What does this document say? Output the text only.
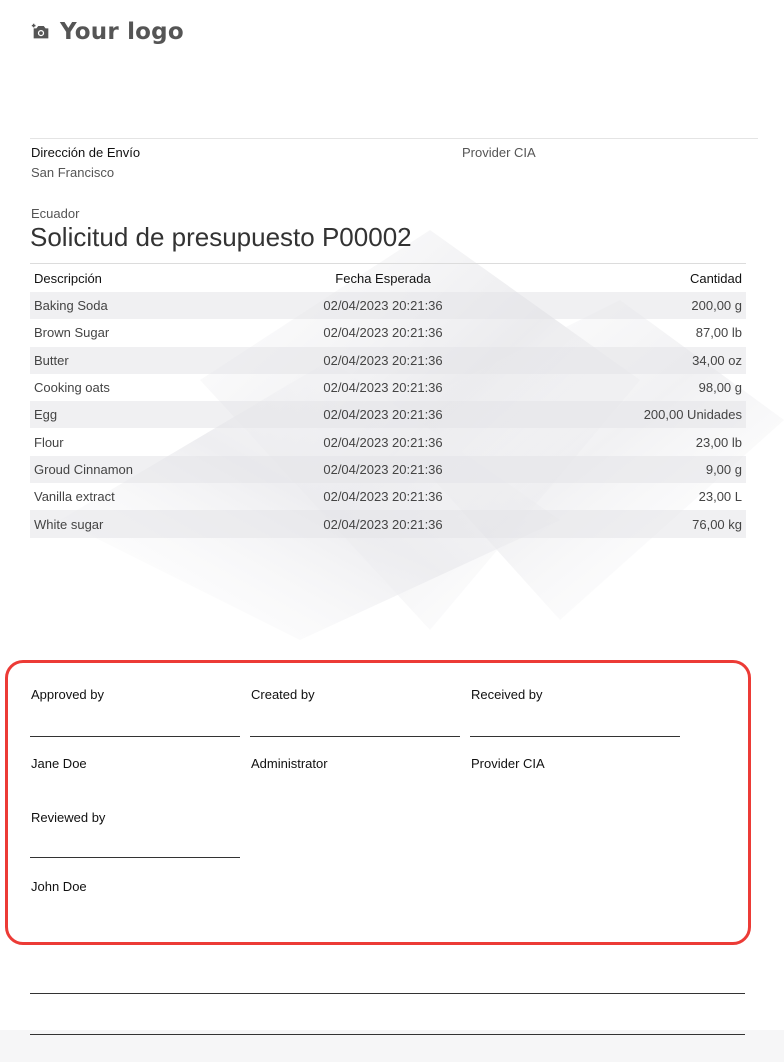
Your logo
Dirección de Envío
San Francisco
Ecuador
Provider CIA
Solicitud de presupuesto P00002
Descripción	Fecha Esperada	Cantidad
Baking Soda	02/04/2023 20:21:36	200,00 g
Brown Sugar	02/04/2023 20:21:36	87,00 lb
Butter	02/04/2023 20:21:36	34,00 oz
Cooking oats	02/04/2023 20:21:36	98,00 g
Egg	02/04/2023 20:21:36	200,00 Unidades
Flour	02/04/2023 20:21:36	23,00 lb
Groud Cinnamon	02/04/2023 20:21:36	9,00 g
Vanilla extract	02/04/2023 20:21:36	23,00 L
White sugar	02/04/2023 20:21:36	76,00 kg
Approved by
Jane Doe
Created by
Administrator
Received by
Provider CIA
Reviewed by
John Doe
